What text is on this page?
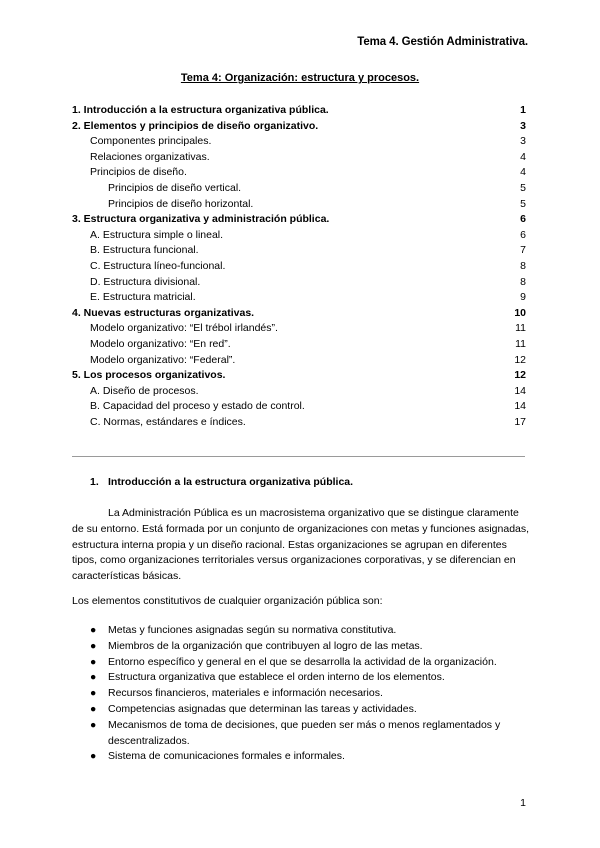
Tema 4. Gestión Administrativa.
Tema 4: Organización: estructura y procesos.
1. Introducción a la estructura organizativa pública.	1
2. Elementos y principios de diseño organizativo.	3
Componentes principales.	3
Relaciones organizativas.	4
Principios de diseño.	4
Principios de diseño vertical.	5
Principios de diseño horizontal.	5
3. Estructura organizativa y administración pública.	6
A. Estructura simple o lineal.	6
B. Estructura funcional.	7
C. Estructura líneo-funcional.	8
D. Estructura divisional.	8
E. Estructura matricial.	9
4. Nuevas estructuras organizativas.	10
Modelo organizativo: “El trébol irlandés”.	11
Modelo organizativo: “En red”.	11
Modelo organizativo: “Federal”.	12
5. Los procesos organizativos.	12
A. Diseño de procesos.	14
B. Capacidad del proceso y estado de control.	14
C. Normas, estándares e índices.	17
1. Introducción a la estructura organizativa pública.
La Administración Pública es un macrosistema organizativo que se distingue claramente de su entorno. Está formada por un conjunto de organizaciones con metas y funciones asignadas, estructura interna propia y un diseño racional. Estas organizaciones se agrupan en diferentes tipos, como organizaciones territoriales versus organizaciones corporativas, y se diferencian en características básicas.
Los elementos constitutivos de cualquier organización pública son:
●	Metas y funciones asignadas según su normativa constitutiva.
●	Miembros de la organización que contribuyen al logro de las metas.
●	Entorno específico y general en el que se desarrolla la actividad de la organización.
●	Estructura organizativa que establece el orden interno de los elementos.
●	Recursos financieros, materiales e información necesarios.
●	Competencias asignadas que determinan las tareas y actividades.
●	Mecanismos de toma de decisiones, que pueden ser más o menos reglamentados y descentralizados.
●	Sistema de comunicaciones formales e informales.
1
